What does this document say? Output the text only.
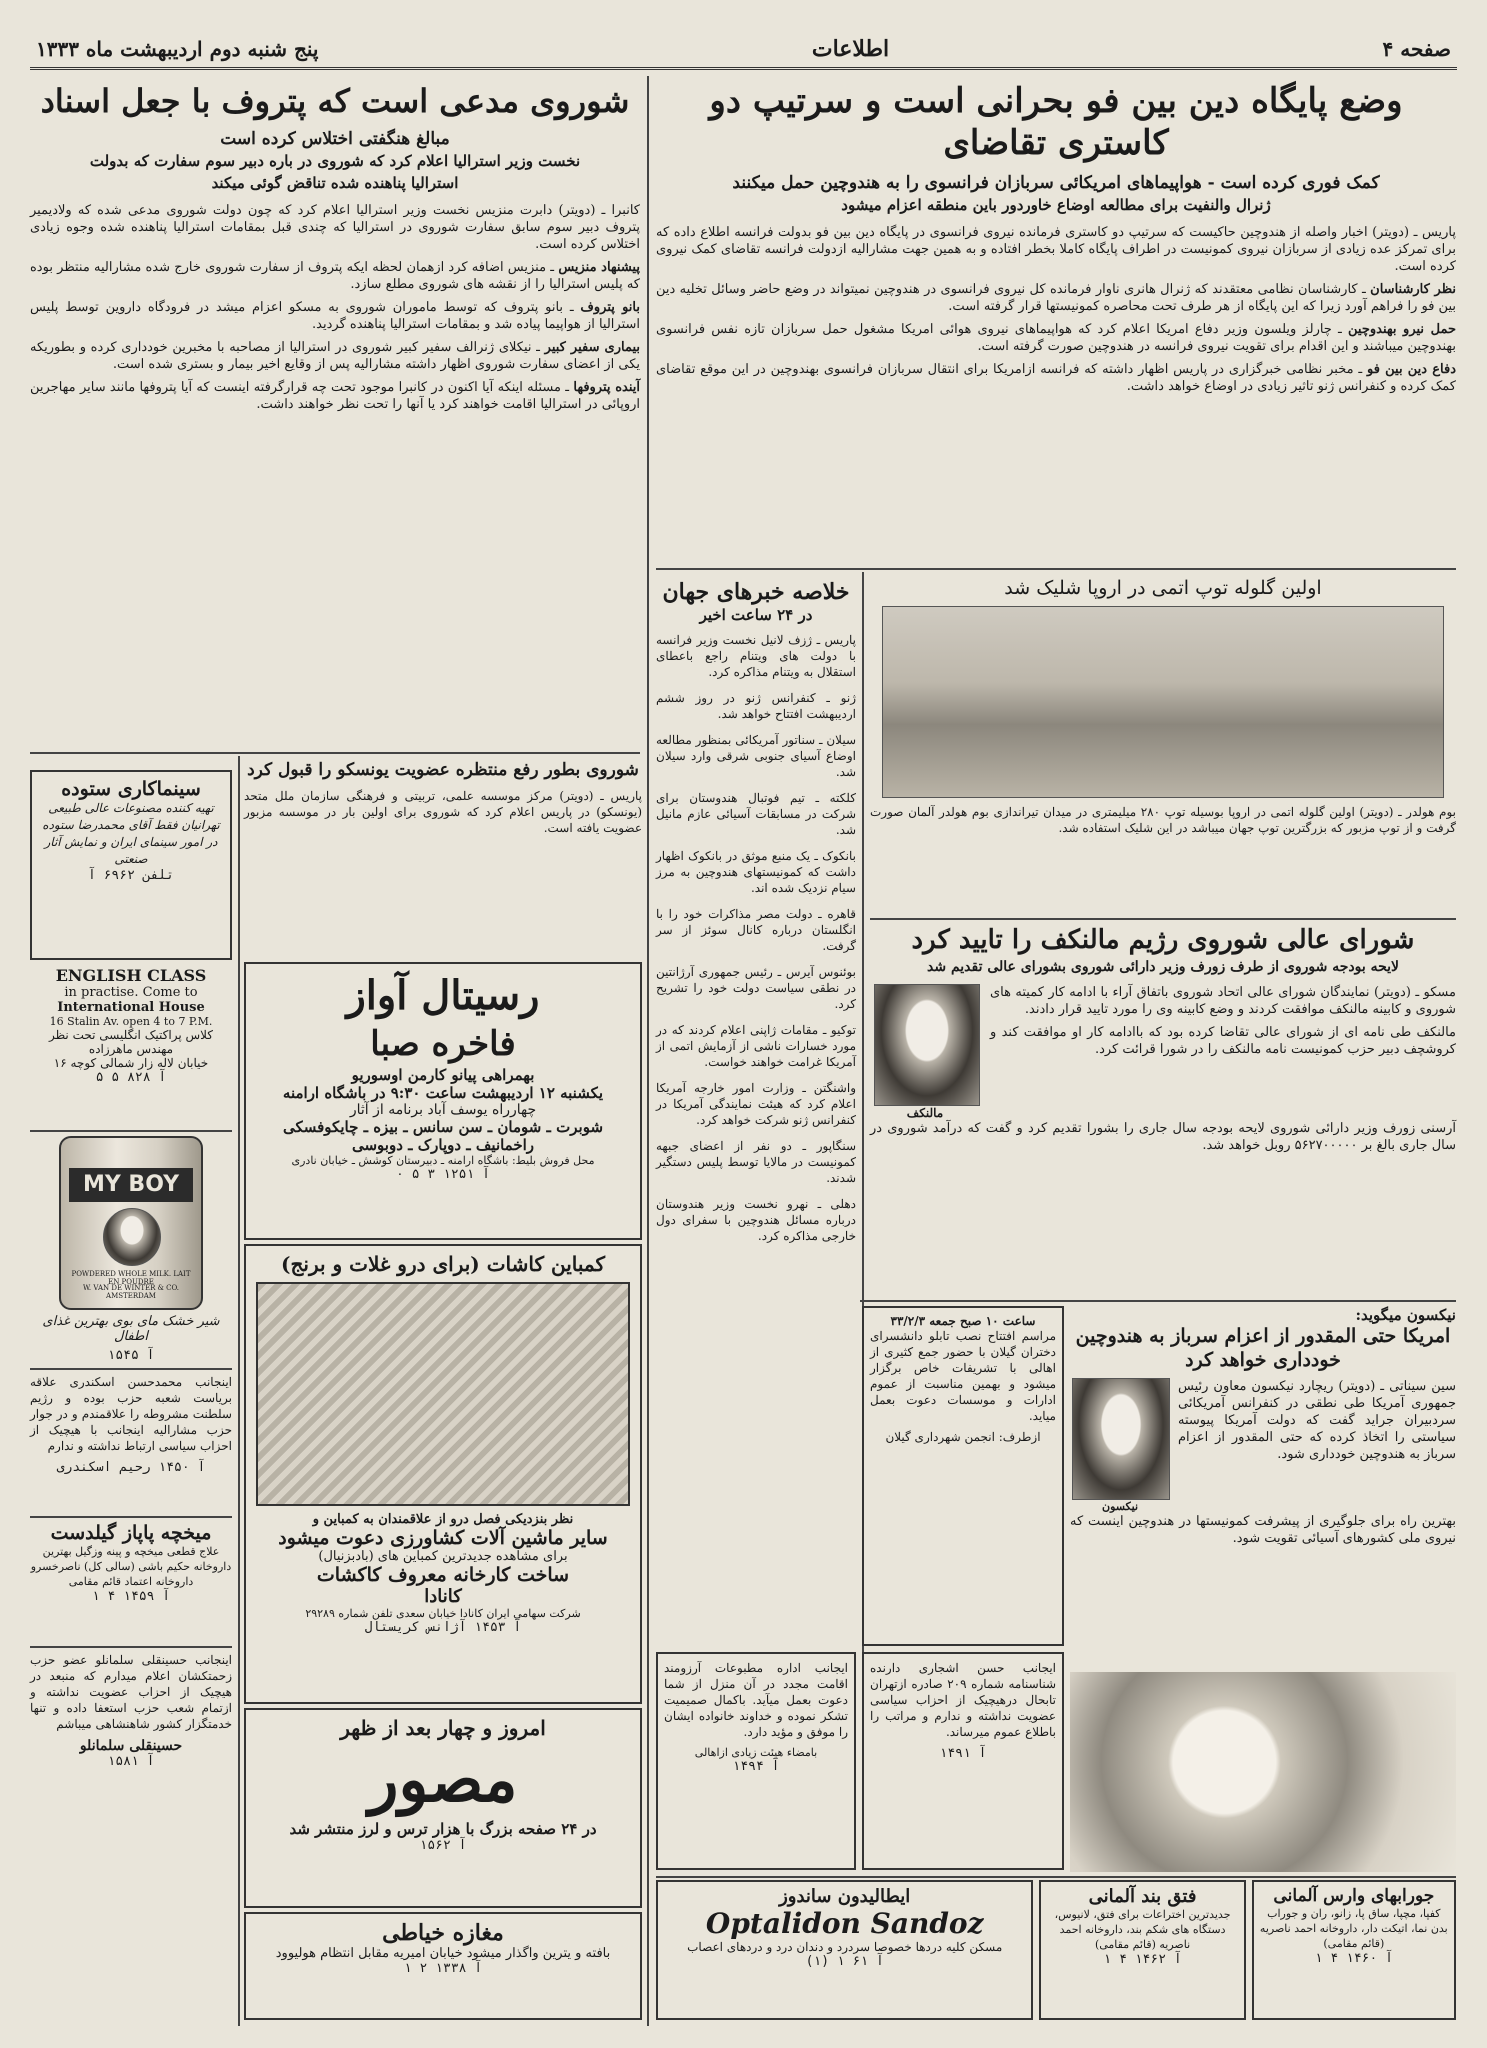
صفحه ۴
اطلاعات
پنج شنبه دوم اردیبهشت ماه ۱۳۳۳
وضع پایگاه دین بین فو بحرانی است و سرتیپ دو کاستری تقاضای
کمک فوری کرده است - هواپیماهای امریکائی سربازان فرانسوی را به هندوچین حمل میکنند
ژنرال والنفیت برای مطالعه اوضاع خاوردور باین منطقه اعزام میشود

پاریس ـ (دویتر) اخبار واصله از هندوچین حاکیست که سرتیپ دو کاستری فرمانده نیروی فرانسوی در پایگاه دین بین فو بدولت فرانسه اطلاع داده که برای تمرکز عده زیادی از سربازان نیروی کمونیست در اطراف پایگاه کاملا بخطر افتاده و به همین جهت مشارالیه ازدولت فرانسه تقاضای کمک نیروی کرده است.

نظر کارشناسان ـ کارشناسان نظامی معتقدند که ژنرال هانری ناوار فرمانده کل نیروی فرانسوی در هندوچین نمیتواند در وضع حاضر وسائل تخلیه دین بین فو را فراهم آورد زیرا که این پایگاه از هر طرف تحت محاصره کمونیستها قرار گرفته است.

حمل نیرو بهندوچین ـ چارلز ویلسون وزیر دفاع امریکا اعلام کرد که هواپیماهای نیروی هوائی امریکا مشغول حمل سربازان تازه نفس فرانسوی بهندوچین میباشند و این اقدام برای تقویت نیروی فرانسه در هندوچین صورت گرفته است.

دفاع دین بین فو ـ مخبر نظامی خبرگزاری در پاریس اظهار داشته که فرانسه ازامریکا برای انتقال سربازان فرانسوی بهندوچین در این موقع تقاضای کمک کرده و کنفرانس ژنو تاثیر زیادی در اوضاع خواهد داشت.

شوروی مدعی است که پتروف با جعل اسناد
مبالغ هنگفتی اختلاس کرده است
نخست وزیر استرالیا اعلام کرد که شوروی در باره دبیر سوم سفارت که بدولت
استرالیا پناهنده شده تناقض گوئی میکند

کانبرا ـ (دویتر) دابرت منزیس نخست وزیر استرالیا اعلام کرد که چون دولت شوروی مدعی شده که ولادیمیر پتروف دبیر سوم سابق سفارت شوروی در استرالیا که چندی قبل بمقامات استرالیا پناهنده شده وجوه زیادی اختلاس کرده است.

پیشنهاد منزیس ـ منزیس اضافه کرد ازهمان لحظه ایکه پتروف از سفارت شوروی خارج شده مشارالیه منتظر بوده که پلیس استرالیا را از نقشه های شوروی مطلع سازد.

بانو پتروف ـ بانو پتروف که توسط ماموران شوروی به مسکو اعزام میشد در فرودگاه داروین توسط پلیس استرالیا از هواپیما پیاده شد و بمقامات استرالیا پناهنده گردید.

بیماری سفیر کبیر ـ نیکلای ژنرالف سفیر کبیر شوروی در استرالیا از مصاحبه با مخبرین خودداری کرده و بطوریکه یکی از اعضای سفارت شوروی اظهار داشته مشارالیه پس از وقایع اخیر بیمار و بستری شده است.

آینده پتروفها ـ مسئله اینکه آیا اکنون در کانبرا موجود تحت چه قرارگرفته اینست که آیا پتروفها مانند سایر مهاجرین اروپائی در استرالیا اقامت خواهند کرد یا آنها را تحت نظر خواهند داشت.

خلاصه خبرهای جهان
در ۲۴ ساعت اخیر

پاریس ـ ژزف لانیل نخست وزیر فرانسه با دولت های ویتنام راجع باعطای استقلال به ویتنام مذاکره کرد.

ژنو ـ کنفرانس ژنو در روز ششم اردیبهشت افتتاح خواهد شد.

سیلان ـ سناتور آمریکائی بمنظور مطالعه اوضاع آسیای جنوبی شرقی وارد سیلان شد.

کلکته ـ تیم فوتبال هندوستان برای شرکت در مسابقات آسیائی عازم مانیل شد.

بانکوک ـ یک منبع موثق در بانکوک اظهار داشت که کمونیستهای هندوچین به مرز سیام نزدیک شده اند.

قاهره ـ دولت مصر مذاکرات خود را با انگلستان درباره کانال سوئز از سر گرفت.

بوئنوس آیرس ـ رئیس جمهوری آرژانتین در نطقی سیاست دولت خود را تشریح کرد.

توکیو ـ مقامات ژاپنی اعلام کردند که در مورد خسارات ناشی از آزمایش اتمی از آمریکا غرامت خواهند خواست.

واشنگتن ـ وزارت امور خارجه آمریکا اعلام کرد که هیئت نمایندگی آمریکا در کنفرانس ژنو شرکت خواهد کرد.

سنگاپور ـ دو نفر از اعضای جبهه کمونیست در مالایا توسط پلیس دستگیر شدند.

دهلی ـ نهرو نخست وزیر هندوستان درباره مسائل هندوچین با سفرای دول خارجی مذاکره کرد.

اولین گلوله توپ اتمی در اروپا شلیک شد

بوم هولدر ـ (دویتر) اولین گلوله اتمی در اروپا بوسیله توپ ۲۸۰ میلیمتری در میدان تیراندازی بوم هولدر آلمان صورت گرفت و از توپ مزبور که بزرگترین توپ جهان میباشد در این شلیک استفاده شد.

شورای عالی شوروی رژیم مالنکف را تایید کرد
لایحه بودجه شوروی از طرف زورف وزیر دارائی شوروی بشورای عالی تقدیم شد

مسکو ـ (دویتر) نمایندگان شورای عالی اتحاد شوروی باتفاق آراء با ادامه کار کمیته های شوروی و کابینه مالنکف موافقت کردند و وضع کابینه وی را مورد تایید قرار دادند.

مالنکف طی نامه ای از شورای عالی تقاضا کرده بود که باادامه کار او موافقت کند و کروشچف دبیر حزب کمونیست نامه مالنکف را در شورا قرائت کرد.

مالنکف

آرسنی زورف وزیر دارائی شوروی لایحه بودجه سال جاری را بشورا تقدیم کرد و گفت که درآمد شوروی در سال جاری بالغ بر ۵۶۲۷۰۰۰۰۰ روبل خواهد شد.

ساعت ۱۰ صبح جمعه ۳۳/۲/۳

مراسم افتتاح نصب تابلو دانشسرای دختران گیلان با حضور جمع کثیری از اهالی با تشریفات خاص برگزار میشود و بهمین مناسبت از عموم ادارات و موسسات دعوت بعمل میاید.

ازطرف: انجمن شهرداری گیلان

ایجانب حسن اشجاری دارنده شناسنامه شماره ۲۰۹ صادره ازتهران تابحال درهیچیک از احزاب سیاسی عضویت نداشته و ندارم و مراتب را باطلاع عموم میرساند.

۱۴۹۱ آ

ایجانب اداره مطبوعات آرزومند اقامت مجدد در آن منزل از شما دعوت بعمل میآید. باکمال صمیمیت تشکر نموده و خداوند خانواده ایشان را موفق و مؤید دارد.

بامضاء هیئت زیادی ازاهالی
۱۴۹۴ آ
نیکسون میگوید:
امریکا حتی المقدور از اعزام سرباز به هندوچین خودداری خواهد کرد

سین سیناتی ـ (دویتر) ریچارد نیکسون معاون رئیس جمهوری آمریکا طی نطقی در کنفرانس آمریکائی سردبیران جراید گفت که دولت آمریکا پیوسته سیاستی را اتخاذ کرده که حتی المقدور از اعزام سرباز به هندوچین خودداری شود.

نیکسون

بهترین راه برای جلوگیری از پیشرفت کمونیستها در هندوچین اینست که نیروی ملی کشورهای آسیائی تقویت شود.

ایطالیدون ساندوز
Optalidon Sandoz
مسکن کلیه دردها خصوصا سردرد و دندان درد و دردهای اعصاب
آ ۶۱ ۱ (۱)
فتق بند آلمانی
جدیدترین اختراعات برای فتق، لانیوس، دستگاه های شکم بند، داروخانه احمد ناصریه (قائم مقامی)
آ ۱۴۶۲ ۴ ۱
جورابهای وارس آلمانی
کفپا، مچپا، ساق پا، زانو، ران و جوراب بدن نما، اتیکت دار، داروخانه احمد ناصریه (قائم مقامی)
آ ۱۴۶۰ ۴ ۱
شوروی بطور رفع منتظره عضویت یونسکو را قبول کرد

پاریس ـ (دویتر) مرکز موسسه علمی، تربیتی و فرهنگی سازمان ملل متحد (یونسکو) در پاریس اعلام کرد که شوروی برای اولین بار در موسسه مزبور عضویت یافته است.

رسیتال آواز
فاخره صبا
بهمراهی پیانو کارمن اوسوریو
یکشنبه ۱۲ اردیبهشت ساعت ۹:۳۰ در باشگاه ارامنه
چهارراه یوسف آباد برنامه از آثار
شوبرت ـ شومان ـ سن سانس ـ بیزه ـ چایکوفسکی
راخمانیف ـ دوپارک ـ دوبوسی
محل فروش بلیط: باشگاه ارامنه ـ دبیرستان کوشش ـ خیابان نادری
آ ۱۲۵۱ ۳ ۵ ۰
کمباین کاشات (برای درو غلات و برنج)
نظر بنزدیکی فصل درو از علاقمندان به کمباین و
سایر ماشین آلات کشاورزی دعوت میشود
برای مشاهده جدیدترین کمباین های (بادبزنیال)
ساخت کارخانه معروف کاکشات
کانادا
شرکت سهامی ایران کانادا خیابان سعدی تلفن شماره ۲۹۲۸۹
آ ۱۴۵۳ آژانس کریستال
امروز و چهار بعد از ظهر
مصور
در ۲۴ صفحه بزرگ با هزار ترس و لرز منتشر شد
۱۵۶۲ آ
مغازه خیاطی
بافته و یترین واگذار میشود خیابان امیریه مقابل انتظام هولیوود
آ ۱۳۳۸ ۲ ۱
سینماکاری ستوده
تهیه کننده مصنوعات عالی طبیعی تهرانیان فقط آقای محمدرضا ستوده در امور سینمای ایران و نمایش آثار صنعتی
تلفن ۶۹۶۲ آ
ENGLISH CLASS
in practise. Come to
International House
16 Stalin Av. open 4 to 7 P.M.
کلاس پراکتیک انگلیسی تحت نظر مهندس ماهرزاده
خیابان لاله زار شمالی کوچه ۱۶
آ ۸۲۸ ۵ ۵
MY BOY
POWDERED WHOLE MILK. LAIT EN POUDRE
W. VAN DE WINTER & CO. AMSTERDAM
شیر خشک مای بوی بهترین غذای اطفال
۱۵۴۵ آ

اینجانب محمدحسن اسکندری علاقه بریاست شعبه حزب بوده و رژیم سلطنت مشروطه را علاقمندم و در جوار حزب مشارالیه اینجانب با هیچیک از احزاب سیاسی ارتباط نداشته و ندارم

آ ۱۴۵۰ رحیم اسکندری
میخچه پاپاز گیلدست
علاج قطعی میخچه و پینه وزگیل بهترین داروخانه حکیم باشی (سالی کل) ناصرخسرو داروخانه اعتماد قائم مقامی
آ ۱۴۵۹ ۴ ۱

اینجانب حسینقلی سلمانلو عضو حزب زحمتکشان اعلام میدارم که منبعد در هیچیک از احزاب عضویت نداشته و ازتمام شعب حزب استعفا داده و تنها خدمتگزار کشور شاهنشاهی میباشم

حسینقلی سلمانلو
آ ۱۵۸۱
